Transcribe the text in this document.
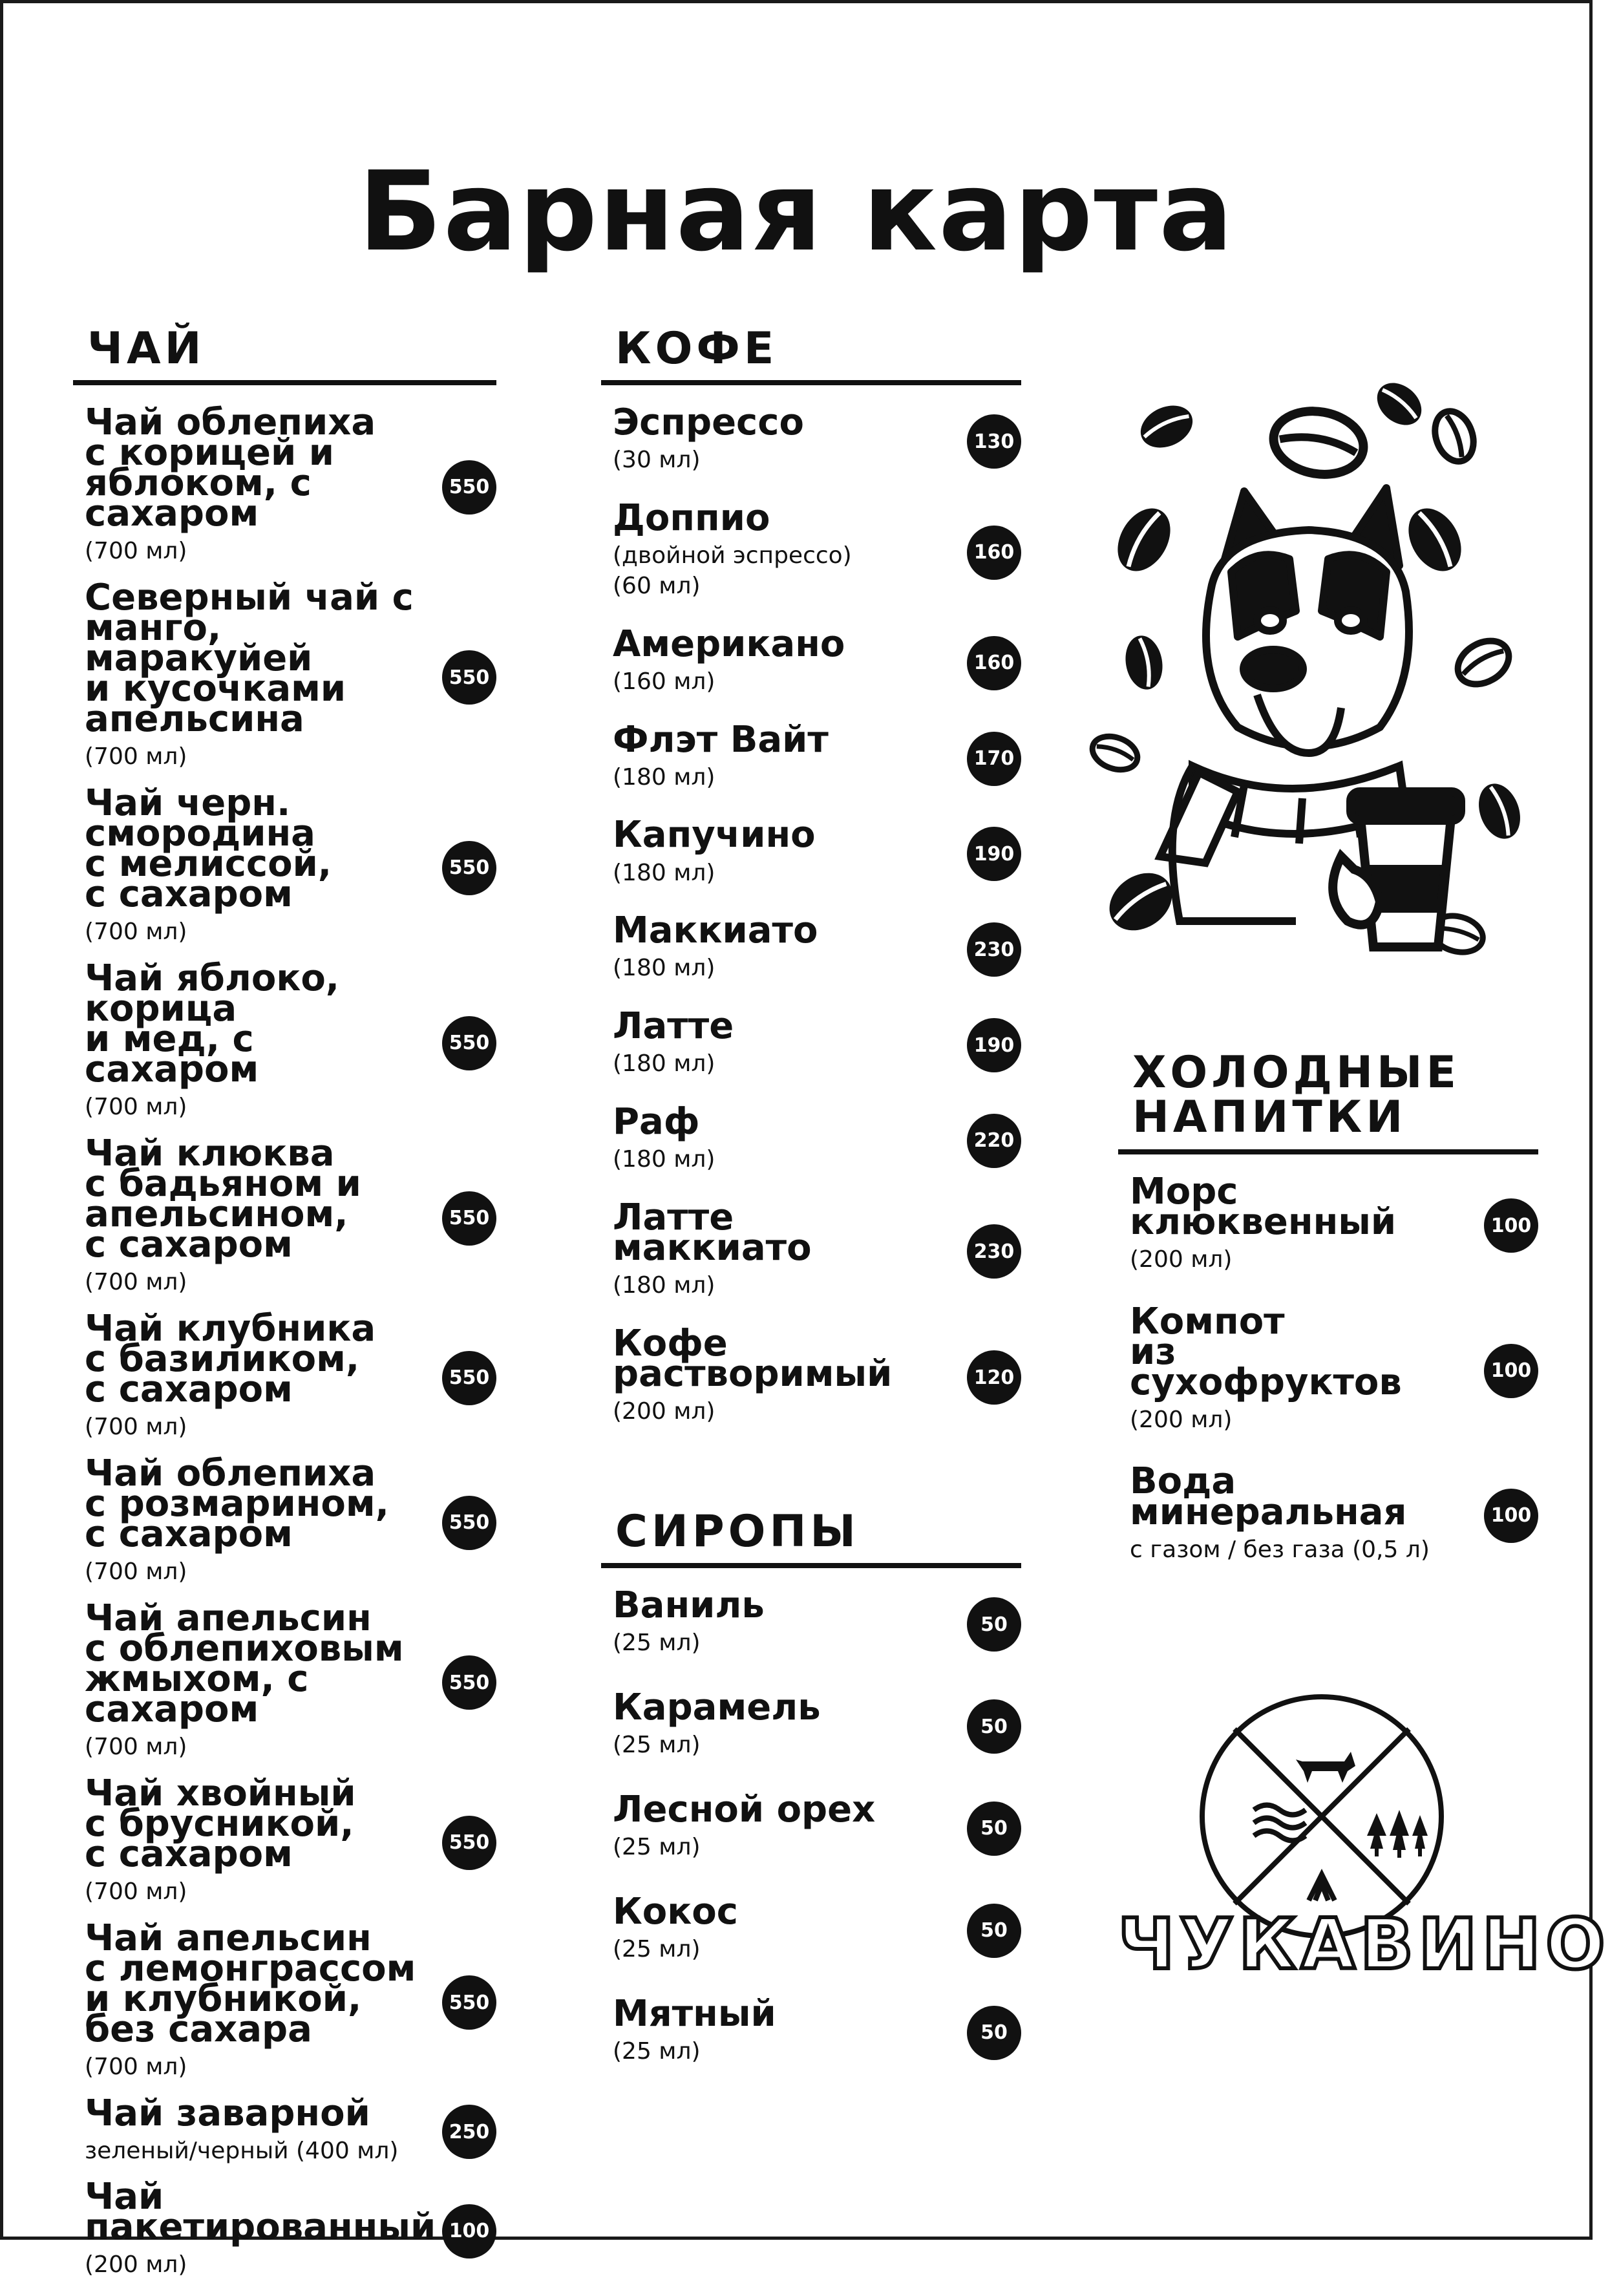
Барная карта
ЧАЙ
Чай облепиха
с корицей и
яблоком, с сахаром
(700 мл)
550
Северный чай с
манго, маракуйей
и кусочками
апельсина
(700 мл)
550
Чай черн. смородина
с мелиссой,
с сахаром
(700 мл)
550
Чай яблоко, корица
и мед, с сахаром
(700 мл)
550
Чай клюква
с бадьяном и
апельсином,
с сахаром
(700 мл)
550
Чай клубника
с базиликом,
с сахаром
(700 мл)
550
Чай облепиха
с розмарином,
с сахаром
(700 мл)
550
Чай апельсин
с облепиховым
жмыхом, с сахаром
(700 мл)
550
Чай хвойный
с брусникой,
с сахаром
(700 мл)
550
Чай апельсин
с лемонграссом
и клубникой,
без сахара
(700 мл)
550
Чай заварной
зеленый/черный (400 мл)
250
Чай
пакетированный
(200 мл)
100
КОФЕ
Эспрессо
(30 мл)
130
Доппио
(двойной эспрессо)
(60 мл)
160
Американо
(160 мл)
160
Флэт Вайт
(180 мл)
170
Капучино
(180 мл)
190
Маккиато
(180 мл)
230
Латте
(180 мл)
190
Раф
(180 мл)
220
Латте маккиато
(180 мл)
230
Кофе
растворимый
(200 мл)
120
СИРОПЫ
Ваниль
(25 мл)
50
Карамель
(25 мл)
50
Лесной орех
(25 мл)
50
Кокос
(25 мл)
50
Мятный
(25 мл)
50
ХОЛОДНЫЕ
НАПИТКИ
Морс
клюквенный
(200 мл)
100
Компот
из сухофруктов
(200 мл)
100
Вода
минеральная
с газом / без газа (0,5 л)
100
ЧУКАВИНО
